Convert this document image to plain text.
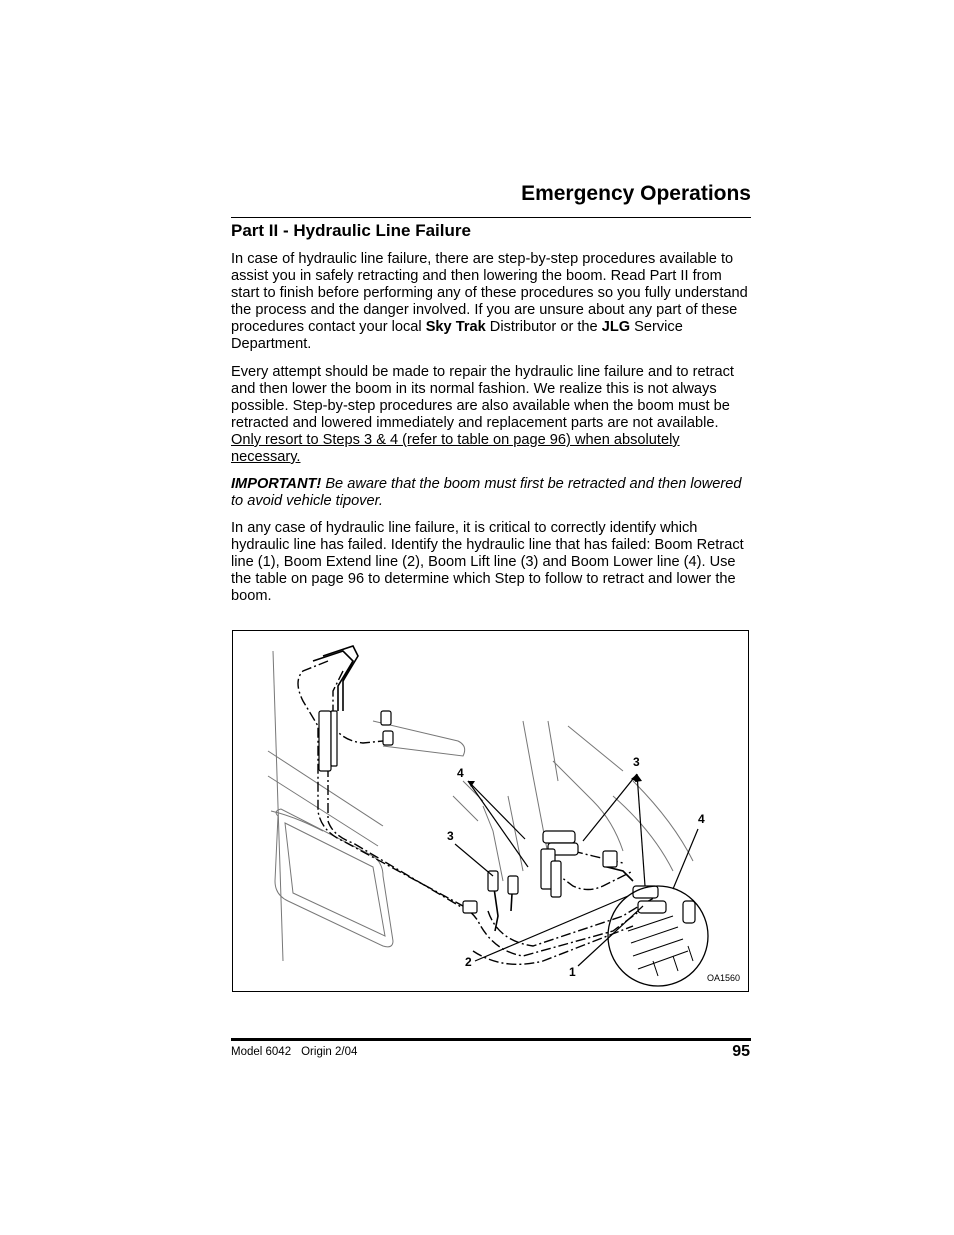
Emergency Operations
Part II - Hydraulic Line Failure

In case of hydraulic line failure, there are step-by-step procedures available to assist you in safely retracting and then lowering the boom. Read Part II from start to finish before performing any of these procedures so you fully understand the process and the danger involved. If you are unsure about any part of these procedures contact your local Sky Trak Distributor or the JLG Service Department.

Every attempt should be made to repair the hydraulic line failure and to retract and then lower the boom in its normal fashion. We realize this is not always possible. Step-by-step procedures are also available when the boom must be retracted and lowered immediately and replacement parts are not available. Only resort to Steps 3 & 4 (refer to table on page 96) when absolutely necessary.

IMPORTANT! Be aware that the boom must first be retracted and then lowered to avoid vehicle tipover.

In any case of hydraulic line failure, it is critical to correctly identify which hydraulic line has failed. Identify the hydraulic line that has failed: Boom Retract line (1), Boom Extend line (2), Boom Lift line (3) and Boom Lower line (4). Use the table on page 96 to determine which Step to follow to retract and lower the boom.

4
3
3
4
2
1	OA1560
Model 6042 Origin 2/04	95
